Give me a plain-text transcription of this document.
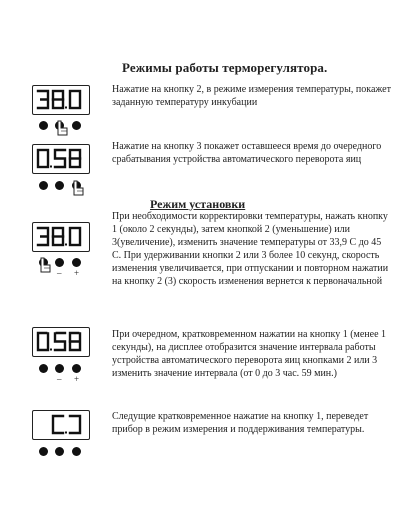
Режимы работы терморегулятора.

Нажатие на кнопку 2, в режиме измерения температуры, покажет заданную температуру инкубации

Нажатие на кнопку 3 покажет оставшееся время до очередного срабатывания устройства автоматического переворота яиц

Режим установки
– +

При необходимости корректировки температуры, нажать кнопку 1 (около 2 секунды), затем кнопкой 2 (уменьшение) или 3(увеличение), изменить значение температуры от 33,9 С до 45 С. При удерживании кнопки 2 или 3 более 10 секунд, скорость изменения увеличивается, при отпускании и повторном нажатии на кнопку 2 (3) скорость изменения вернется к первоначальной

– +

При очередном, кратковременном нажатии на кнопку 1 (менее 1 секунды), на дисплее отобразится значение интервала работы устройства автоматического переворота яиц кнопками 2 или 3 изменить значение интервала (от 0 до 3 час. 59 мин.)

Следущие кратковременное нажатие на кнопку 1, переведет прибор в режим измерения и поддерживания температуры.
